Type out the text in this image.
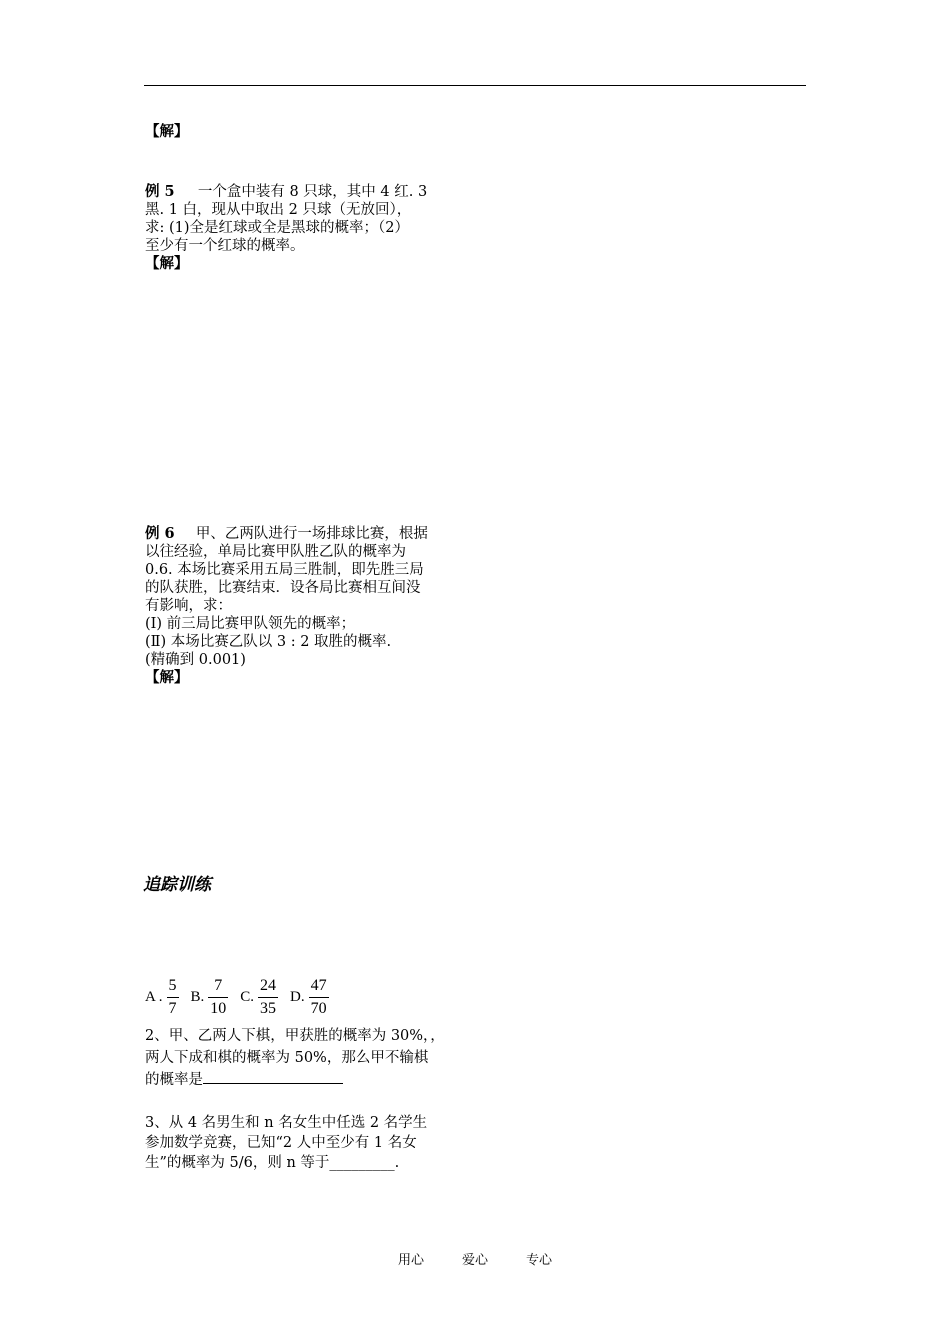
【解】
例 5 一个盒中装有 8 只球，其中 4 红. 3
黑. 1 白，现从中取出 2 只球（无放回），
求: (1)全是红球或全是黑球的概率；（2）
至少有一个红球的概率。
【解】
例 6 甲、乙两队进行一场排球比赛，根据
以往经验，单局比赛甲队胜乙队的概率为
0.6. 本场比赛采用五局三胜制，即先胜三局
的队获胜，比赛结束．设各局比赛相互间没
有影响，求：
(Ⅰ) 前三局比赛甲队领先的概率；
(Ⅱ) 本场比赛乙队以 3 : 2 取胜的概率.
(精确到 0.001)
【解】
追踪训练
A . $\frac{5}{7} B$. $\frac{7}{10} C$. $\frac{24}{35} D$. $\frac{47}{70}$
2、甲、乙两人下棋，甲获胜的概率为 30%，，
两人下成和棋的概率为 50%，那么甲不输棋
的概率是
3、从 4 名男生和 n 名女生中任选 2 名学生
参加数学竞赛，已知“2 人中至少有 1 名女
生”的概率为 5/6，则 n 等于_________.
用心	爱心	专心
